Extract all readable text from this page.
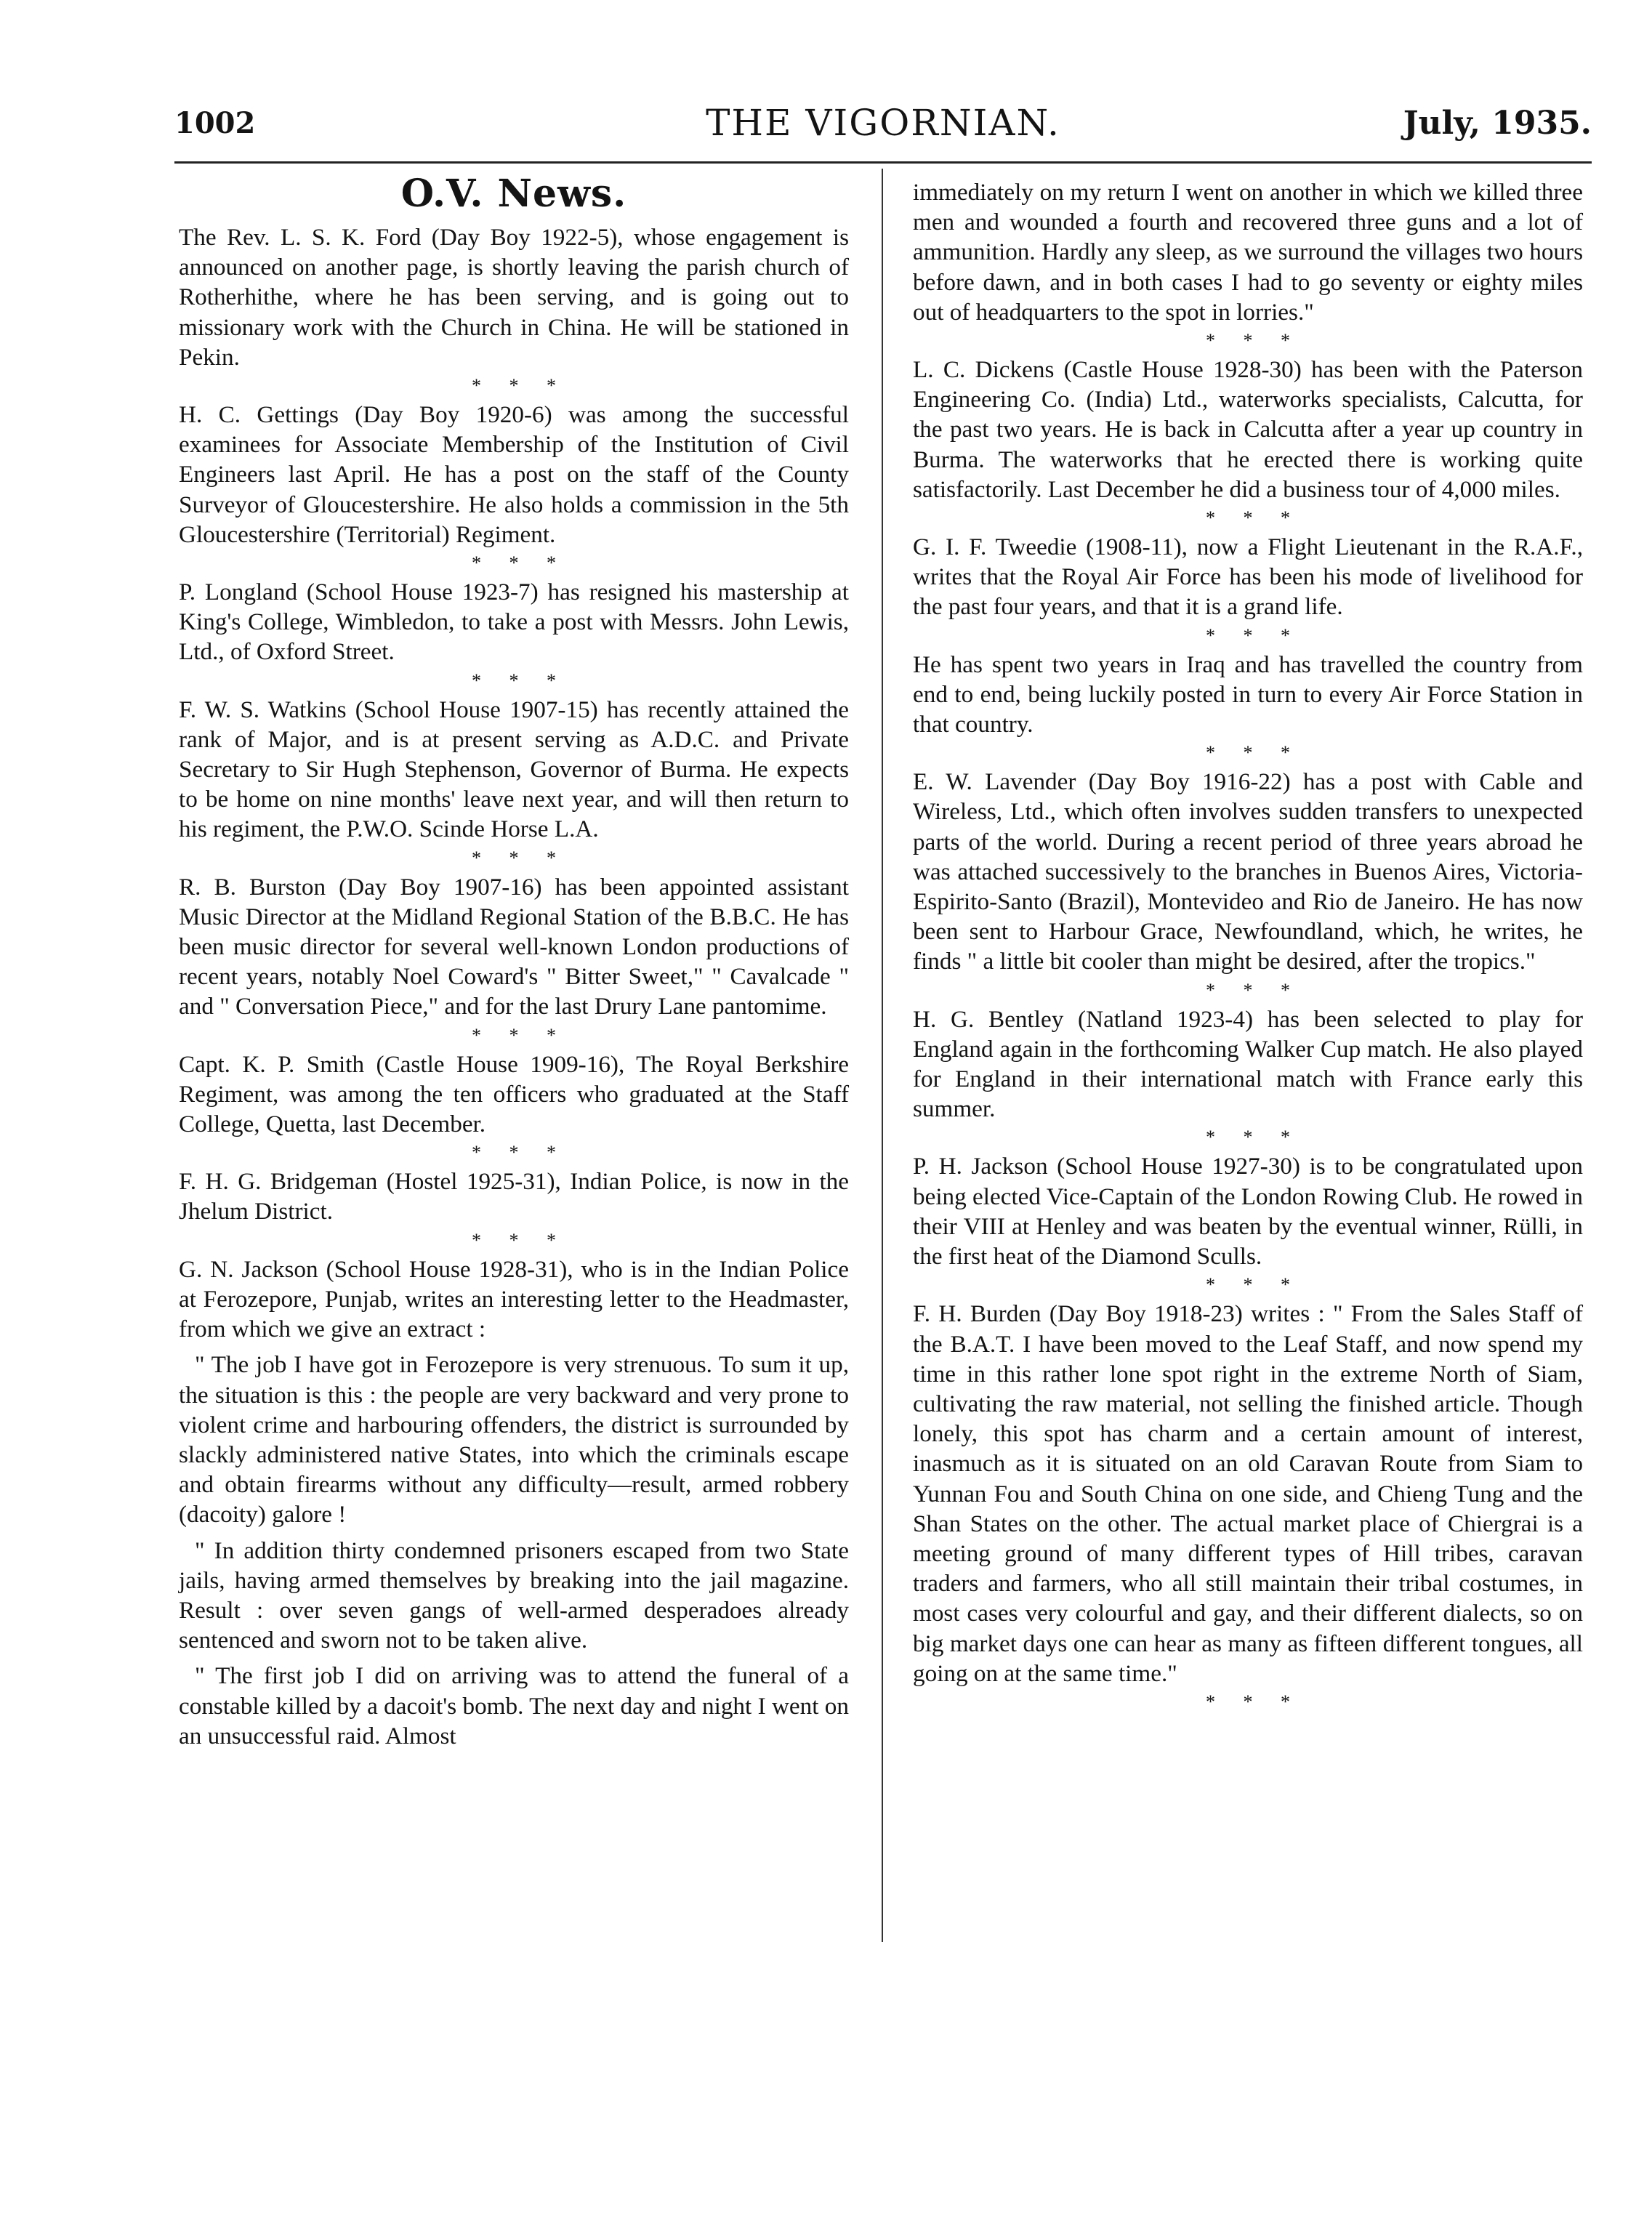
1002	THE VIGORNIAN.	July, 1935.
O.V. News.

The Rev. L. S. K. Ford (Day Boy 1922-5), whose engagement is announced on another page, is shortly leaving the parish church of Rotherhithe, where he has been serving, and is going out to missionary work with the Church in China. He will be stationed in Pekin.

* * *

H. C. Gettings (Day Boy 1920-6) was among the successful examinees for Associate Membership of the Institution of Civil Engineers last April. He has a post on the staff of the County Surveyor of Gloucestershire. He also holds a commission in the 5th Gloucestershire (Territorial) Regiment.

* * *

P. Longland (School House 1923-7) has resigned his mastership at King's College, Wimbledon, to take a post with Messrs. John Lewis, Ltd., of Oxford Street.

* * *

F. W. S. Watkins (School House 1907-15) has recently attained the rank of Major, and is at present serving as A.D.C. and Private Secretary to Sir Hugh Stephenson, Governor of Burma. He expects to be home on nine months' leave next year, and will then return to his regiment, the P.W.O. Scinde Horse L.A.

* * *

R. B. Burston (Day Boy 1907-16) has been appointed assistant Music Director at the Midland Regional Station of the B.B.C. He has been music director for several well-known London productions of recent years, notably Noel Coward's " Bitter Sweet," " Cavalcade " and " Conversation Piece," and for the last Drury Lane pantomime.

* * *

Capt. K. P. Smith (Castle House 1909-16), The Royal Berkshire Regiment, was among the ten officers who graduated at the Staff College, Quetta, last December.

* * *

F. H. G. Bridgeman (Hostel 1925-31), Indian Police, is now in the Jhelum District.

* * *

G. N. Jackson (School House 1928-31), who is in the Indian Police at Ferozepore, Punjab, writes an interesting letter to the Headmaster, from which we give an extract :

" The job I have got in Ferozepore is very strenuous. To sum it up, the situation is this : the people are very backward and very prone to violent crime and harbouring offenders, the district is surrounded by slackly administered native States, into which the criminals escape and obtain firearms without any difficulty—result, armed robbery (dacoity) galore !

" In addition thirty condemned prisoners escaped from two State jails, having armed themselves by breaking into the jail magazine. Result : over seven gangs of well-armed desperadoes already sentenced and sworn not to be taken alive.

" The first job I did on arriving was to attend the funeral of a constable killed by a dacoit's bomb. The next day and night I went on an unsuccessful raid. Almost

immediately on my return I went on another in which we killed three men and wounded a fourth and recovered three guns and a lot of ammunition. Hardly any sleep, as we surround the villages two hours before dawn, and in both cases I had to go seventy or eighty miles out of headquarters to the spot in lorries."

* * *

L. C. Dickens (Castle House 1928-30) has been with the Paterson Engineering Co. (India) Ltd., waterworks specialists, Calcutta, for the past two years. He is back in Calcutta after a year up country in Burma. The waterworks that he erected there is working quite satisfactorily. Last December he did a business tour of 4,000 miles.

* * *

G. I. F. Tweedie (1908-11), now a Flight Lieutenant in the R.A.F., writes that the Royal Air Force has been his mode of livelihood for the past four years, and that it is a grand life.

* * *

He has spent two years in Iraq and has travelled the country from end to end, being luckily posted in turn to every Air Force Station in that country.

* * *

E. W. Lavender (Day Boy 1916-22) has a post with Cable and Wireless, Ltd., which often involves sudden transfers to unexpected parts of the world. During a recent period of three years abroad he was attached successively to the branches in Buenos Aires, Victoria-Espirito-Santo (Brazil), Montevideo and Rio de Janeiro. He has now been sent to Harbour Grace, Newfoundland, which, he writes, he finds " a little bit cooler than might be desired, after the tropics."

* * *

H. G. Bentley (Natland 1923-4) has been selected to play for England again in the forthcoming Walker Cup match. He also played for England in their international match with France early this summer.

* * *

P. H. Jackson (School House 1927-30) is to be congratulated upon being elected Vice-Captain of the London Rowing Club. He rowed in their VIII at Henley and was beaten by the eventual winner, Rülli, in the first heat of the Diamond Sculls.

* * *

F. H. Burden (Day Boy 1918-23) writes : " From the Sales Staff of the B.A.T. I have been moved to the Leaf Staff, and now spend my time in this rather lone spot right in the extreme North of Siam, cultivating the raw material, not selling the finished article. Though lonely, this spot has charm and a certain amount of interest, inasmuch as it is situated on an old Caravan Route from Siam to Yunnan Fou and South China on one side, and Chieng Tung and the Shan States on the other. The actual market place of Chiergrai is a meeting ground of many different types of Hill tribes, caravan traders and farmers, who all still maintain their tribal costumes, in most cases very colourful and gay, and their different dialects, so on big market days one can hear as many as fifteen different tongues, all going on at the same time."

* * *
